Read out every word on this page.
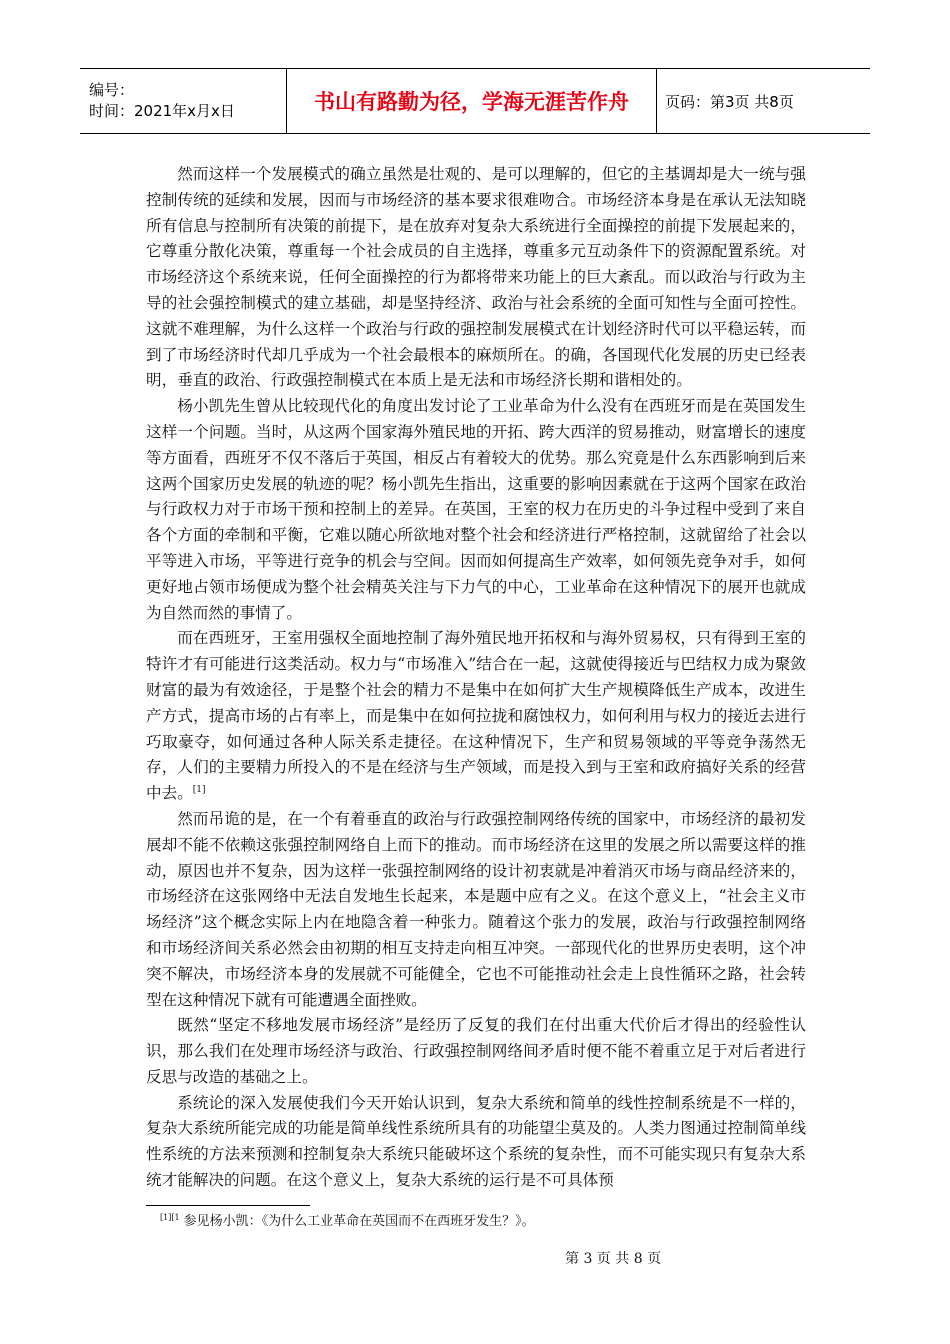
编号：
时间：2021年x月x日	书山有路勤为径，学海无涯苦作舟	页码：第3页 共8页

然而这样一个发展模式的确立虽然是壮观的、是可以理解的，但它的主基调却是大一统与强控制传统的延续和发展，因而与市场经济的基本要求很难吻合。市场经济本身是在承认无法知晓所有信息与控制所有决策的前提下，是在放弃对复杂大系统进行全面操控的前提下发展起来的，它尊重分散化决策，尊重每一个社会成员的自主选择，尊重多元互动条件下的资源配置系统。对市场经济这个系统来说，任何全面操控的行为都将带来功能上的巨大紊乱。而以政治与行政为主导的社会强控制模式的建立基础，却是坚持经济、政治与社会系统的全面可知性与全面可控性。这就不难理解，为什么这样一个政治与行政的强控制发展模式在计划经济时代可以平稳运转，而到了市场经济时代却几乎成为一个社会最根本的麻烦所在。的确，各国现代化发展的历史已经表明，垂直的政治、行政强控制模式在本质上是无法和市场经济长期和谐相处的。

杨小凯先生曾从比较现代化的角度出发讨论了工业革命为什么没有在西班牙而是在英国发生这样一个问题。当时，从这两个国家海外殖民地的开拓、跨大西洋的贸易推动，财富增长的速度等方面看，西班牙不仅不落后于英国，相反占有着较大的优势。那么究竟是什么东西影响到后来这两个国家历史发展的轨迹的呢？杨小凯先生指出，这重要的影响因素就在于这两个国家在政治与行政权力对于市场干预和控制上的差异。在英国，王室的权力在历史的斗争过程中受到了来自各个方面的牵制和平衡，它难以随心所欲地对整个社会和经济进行严格控制，这就留给了社会以平等进入市场，平等进行竞争的机会与空间。因而如何提高生产效率，如何领先竞争对手，如何更好地占领市场便成为整个社会精英关注与下力气的中心，工业革命在这种情况下的展开也就成为自然而然的事情了。

而在西班牙，王室用强权全面地控制了海外殖民地开拓权和与海外贸易权，只有得到王室的特许才有可能进行这类活动。权力与“市场准入”结合在一起，这就使得接近与巴结权力成为聚敛财富的最为有效途径，于是整个社会的精力不是集中在如何扩大生产规模降低生产成本，改进生产方式，提高市场的占有率上，而是集中在如何拉拢和腐蚀权力，如何利用与权力的接近去进行巧取豪夺，如何通过各种人际关系走捷径。在这种情况下，生产和贸易领域的平等竞争荡然无存，人们的主要精力所投入的不是在经济与生产领域，而是投入到与王室和政府搞好关系的经营中去。[1]

然而吊诡的是，在一个有着垂直的政治与行政强控制网络传统的国家中，市场经济的最初发展却不能不依赖这张强控制网络自上而下的推动。而市场经济在这里的发展之所以需要这样的推动，原因也并不复杂，因为这样一张强控制网络的设计初衷就是冲着消灭市场与商品经济来的，市场经济在这张网络中无法自发地生长起来，本是题中应有之义。在这个意义上，“社会主义市场经济”这个概念实际上内在地隐含着一种张力。随着这个张力的发展，政治与行政强控制网络和市场经济间关系必然会由初期的相互支持走向相互冲突。一部现代化的世界历史表明，这个冲突不解决，市场经济本身的发展就不可能健全，它也不可能推动社会走上良性循环之路，社会转型在这种情况下就有可能遭遇全面挫败。

既然“坚定不移地发展市场经济”是经历了反复的我们在付出重大代价后才得出的经验性认识，那么我们在处理市场经济与政治、行政强控制网络间矛盾时便不能不着重立足于对后者进行反思与改造的基础之上。

系统论的深入发展使我们今天开始认识到，复杂大系统和简单的线性控制系统是不一样的，复杂大系统所能完成的功能是简单线性系统所具有的功能望尘莫及的。人类力图通过控制简单线性系统的方法来预测和控制复杂大系统只能破坏这个系统的复杂性，而不可能实现只有复杂大系统才能解决的问题。在这个意义上，复杂大系统的运行是不可具体预

$^{[1][1}$ 参见杨小凯：《为什么工业革命在英国而不在西班牙发生？》。
第 3 页 共 8 页
